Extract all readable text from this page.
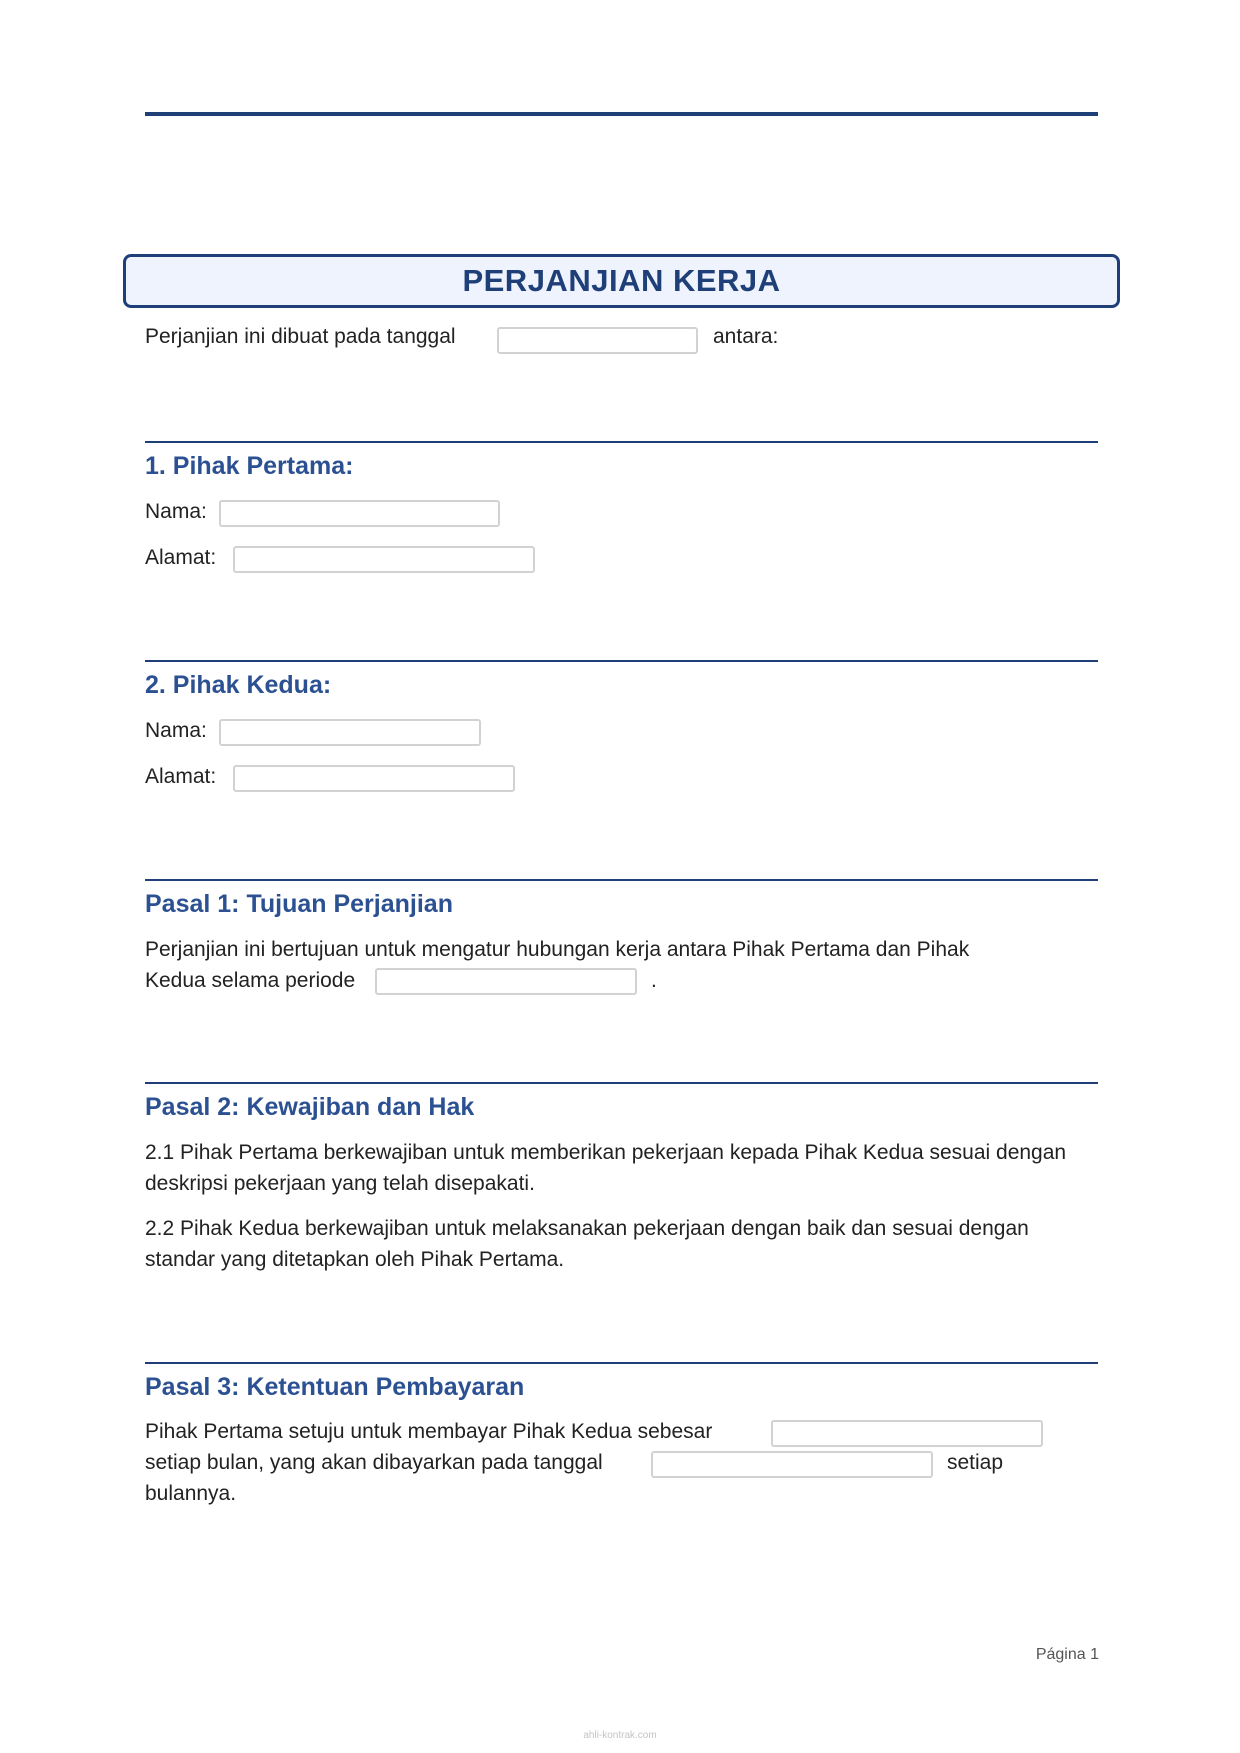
PERJANJIAN KERJA
Perjanjian ini dibuat pada tanggal	antara:
1. Pihak Pertama:
Nama:
Alamat:
2. Pihak Kedua:
Nama:
Alamat:
Pasal 1: Tujuan Perjanjian
Perjanjian ini bertujuan untuk mengatur hubungan kerja antara Pihak Pertama dan Pihak
Kedua selama periode	.
Pasal 2: Kewajiban dan Hak
2.1 Pihak Pertama berkewajiban untuk memberikan pekerjaan kepada Pihak Kedua sesuai dengan deskripsi pekerjaan yang telah disepakati.
2.2 Pihak Kedua berkewajiban untuk melaksanakan pekerjaan dengan baik dan sesuai dengan standar yang ditetapkan oleh Pihak Pertama.
Pasal 3: Ketentuan Pembayaran
Pihak Pertama setuju untuk membayar Pihak Kedua sebesar
setiap bulan, yang akan dibayarkan pada tanggal	setiap
bulannya.
Página 1
ahli-kontrak.com
